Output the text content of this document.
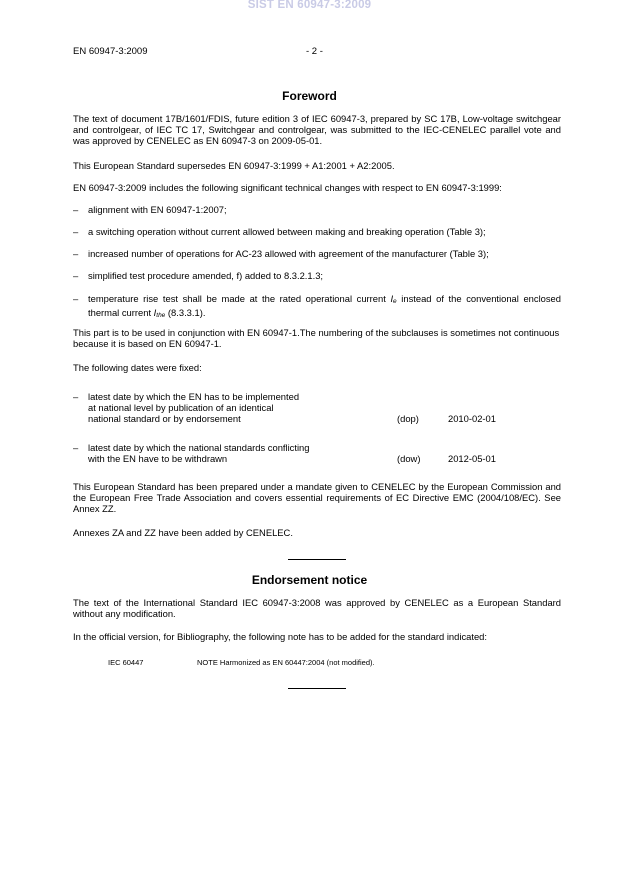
SIST EN 60947-3:2009
EN 60947-3:2009	- 2 -
Foreword
The text of document 17B/1601/FDIS, future edition 3 of IEC 60947-3, prepared by SC 17B, Low-voltage switchgear and controlgear, of IEC TC 17, Switchgear and controlgear, was submitted to the IEC-CENELEC parallel vote and was approved by CENELEC as EN 60947-3 on 2009-05-01.
This European Standard supersedes EN 60947-3:1999 + A1:2001 + A2:2005.
EN 60947-3:2009 includes the following significant technical changes with respect to EN 60947-3:1999:
– alignment with EN 60947-1:2007;
– a switching operation without current allowed between making and breaking operation (Table 3);
– increased number of operations for AC-23 allowed with agreement of the manufacturer (Table 3);
– simplified test procedure amended, f) added to 8.3.2.1.3;
– temperature rise test shall be made at the rated operational current $I_e$ instead of the conventional enclosed thermal current $I_{the}$ (8.3.3.1).
This part is to be used in conjunction with EN 60947-1.The numbering of the subclauses is sometimes not continuous because it is based on EN 60947-1.
The following dates were fixed:
– latest date by which the EN has to be implemented
at national level by publication of an identical
national standard or by endorsement	(dop)	2010-02-01
– latest date by which the national standards conflicting
with the EN have to be withdrawn	(dow)	2012-05-01
This European Standard has been prepared under a mandate given to CENELEC by the European Commission and the European Free Trade Association and covers essential requirements of EC Directive EMC (2004/108/EC). See Annex ZZ.
Annexes ZA and ZZ have been added by CENELEC.
Endorsement notice
The text of the International Standard IEC 60947-3:2008 was approved by CENELEC as a European Standard without any modification.
In the official version, for Bibliography, the following note has to be added for the standard indicated:
IEC 60447	NOTE Harmonized as EN 60447:2004 (not modified).
